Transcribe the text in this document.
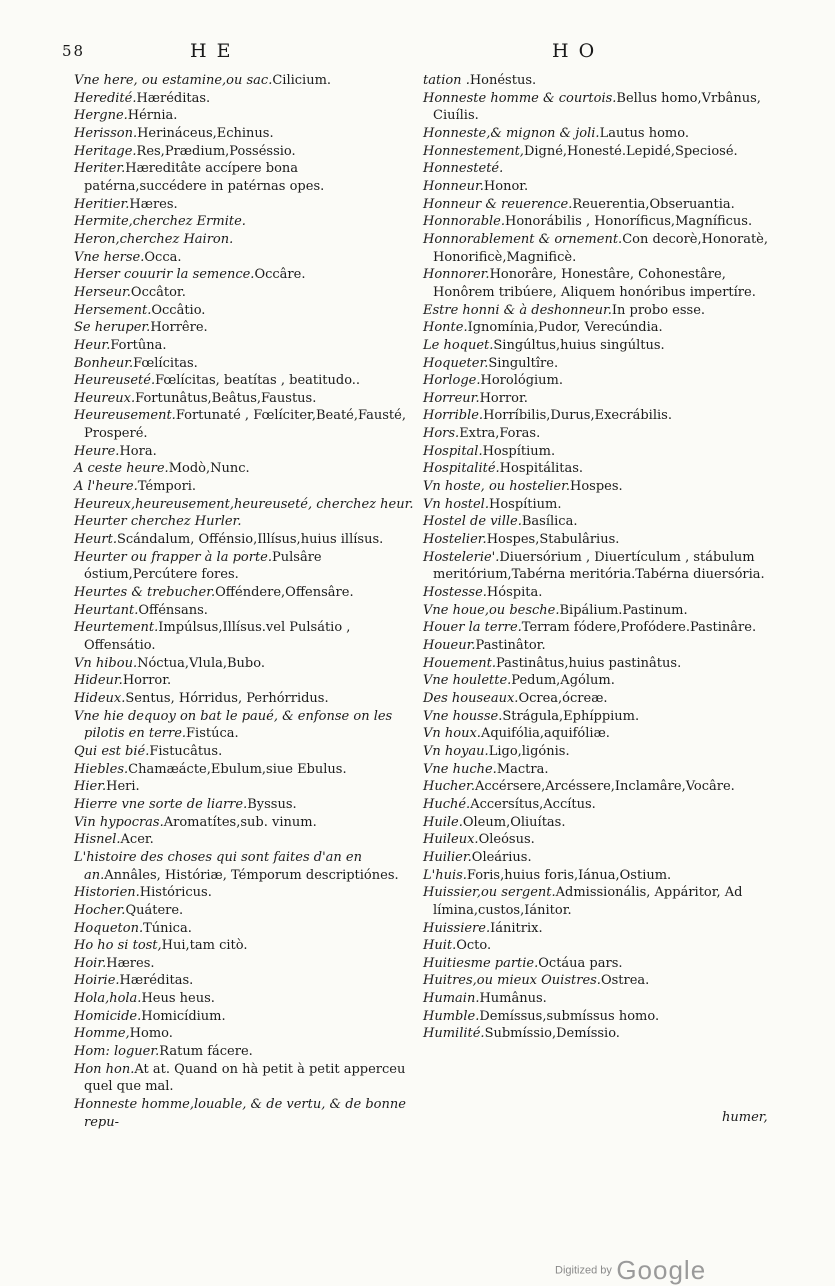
58	H E	H O
Vne here, ou estamine,ou sac.Cilicium.
Heredité.Hæréditas.
Hergne.Hérnia.
Herisson.Herináceus,Echinus.
Heritage.Res,Prædium,Posséssio.
Heriter.Hæreditâte accípere bona patérna,succédere in patérnas opes.
Heritier.Hæres.
Hermite,cherchez Ermite.
Heron,cherchez Hairon.
Vne herse.Occa.
Herser couurir la semence.Occâre.
Herseur.Occâtor.
Hersement.Occâtio.
Se heruper.Horrêre.
Heur.Fortûna.
Bonheur.Fœlícitas.
Heureuseté.Fœlícitas, beatítas , beatitudo..
Heureux.Fortunâtus,Beâtus,Faustus.
Heureusement.Fortunaté , Fœlíciter,Beaté,Fausté, Prosperé.
Heure.Hora.
A ceste heure.Modò,Nunc.
A l'heure.Témpori.
Heureux,heureusement,heureuseté, cherchez heur.
Heurter cherchez Hurler.
Heurt.Scándalum, Offénsio,Illísus,huius illísus.
Heurter ou frapper à la porte.Pulsâre óstium,Percútere fores.
Heurtes & trebucher.Offéndere,Offensâre.
Heurtant.Offénsans.
Heurtement.Impúlsus,Illísus.vel Pulsátio , Offensátio.
Vn hibou.Nóctua,Vlula,Bubo.
Hideur.Horror.
Hideux.Sentus, Hórridus, Perhórridus.
Vne hie dequoy on bat le paué, & enfonse on les pilotis en terre.Fistúca.
Qui est bié.Fistucâtus.
Hiebles.Chamæácte,Ebulum,siue Ebulus.
Hier.Heri.
Hierre vne sorte de liarre.Byssus.
Vin hypocras.Aromatítes,sub. vinum.
Hisnel.Acer.
L'histoire des choses qui sont faites d'an en an.Annâles, Históriæ, Témporum descriptiónes.
Historien.Históricus.
Hocher.Quátere.
Hoqueton.Túnica.
Ho ho si tost,Hui,tam citò.
Hoir.Hæres.
Hoirie.Hæréditas.
Hola,hola.Heus heus.
Homicide.Homicídium.
Homme,Homo.
Hom: loguer.Ratum fácere.
Hon hon.At at. Quand on hà petit à petit apperceu quel que mal.
Honneste homme,louable, & de vertu, & de bonne repu-
tation .Honéstus.
Honneste homme & courtois.Bellus homo,Vrbânus, Ciuílis.
Honneste,& mignon & joli.Lautus homo.
Honnestement,Digné,Honesté.Lepidé,Speciosé.
Honnesteté.
Honneur.Honor.
Honneur & reuerence.Reuerentia,Obseruantia.
Honnorable.Honorábilis , Honoríficus,Magníficus.
Honnorablement & ornement.Con decorè,Honoratè, Honorificè,Magnificè.
Honnorer.Honorâre, Honestâre, Cohonestâre, Honôrem tribúere, Aliquem honóribus impertíre.
Estre honni & à deshonneur.In probo esse.
Honte.Ignomínia,Pudor, Verecúndia.
Le hoquet.Singúltus,huius singúltus.
Hoqueter.Singultîre.
Horloge.Horológium.
Horreur.Horror.
Horrible.Horríbilis,Durus,Execrábilis.
Hors.Extra,Foras.
Hospital.Hospítium.
Hospitalité.Hospitálitas.
Vn hoste, ou hostelier.Hospes.
Vn hostel.Hospítium.
Hostel de ville.Basílica.
Hostelier.Hospes,Stabulârius.
Hostelerie'.Diuersórium , Diuertículum , stábulum meritórium,Tabérna meritória.Tabérna diuersória.
Hostesse.Hóspita.
Vne houe,ou besche.Bipálium.Pastinum.
Houer la terre.Terram fódere,Profódere.Pastinâre.
Houeur.Pastinâtor.
Houement.Pastinâtus,huius pastinâtus.
Vne houlette.Pedum,Agólum.
Des houseaux.Ocrea,ócreæ.
Vne housse.Strágula,Ephíppium.
Vn houx.Aquifólia,aquifóliæ.
Vn hoyau.Ligo,ligónis.
Vne huche.Mactra.
Hucher.Accérsere,Arcéssere,Inclamâre,Vocâre.
Huché.Accersítus,Accítus.
Huile.Oleum,Oliuítas.
Huileux.Oleósus.
Huilier.Oleárius.
L'huis.Foris,huius foris,Iánua,Ostium.
Huissier,ou sergent.Admissionális, Appáritor, Ad límina,custos,Iánitor.
Huissiere.Iánitrix.
Huit.Octo.
Huitiesme partie.Octáua pars.
Huitres,ou mieux Ouistres.Ostrea.
Humain.Humânus.
Humble.Demíssus,submíssus homo.
Humilité.Submíssio,Demíssio.
humer,
Digitized by Google
